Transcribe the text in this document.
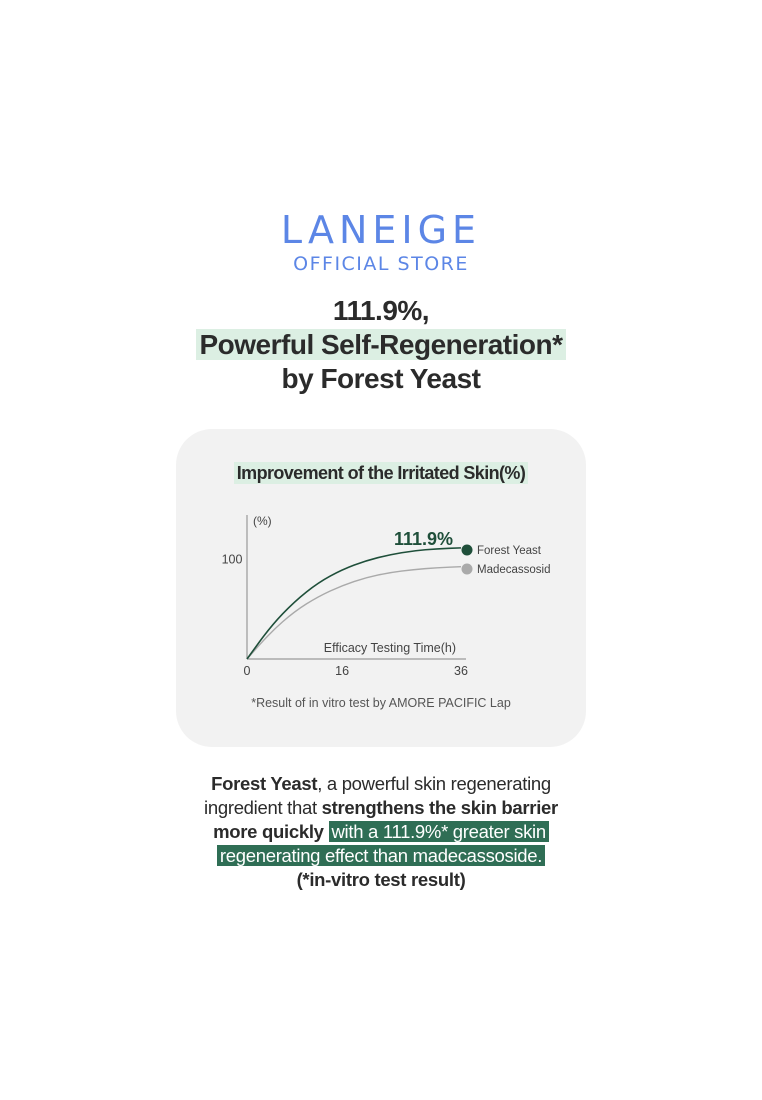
LANEIGE
OFFICIAL STORE
111.9%,
Powerful Self-Regeneration*
by Forest Yeast
Improvement of the Irritated Skin(%)
(%)
100
Efficacy Testing Time(h)
0	16	36
111.9%
Forest Yeast
Madecassosid
*Result of in vitro test by AMORE PACIFIC Lap
Forest Yeast, a powerful skin regenerating
ingredient that strengthens the skin barrier
more quickly with a 111.9%* greater skin
regenerating effect than madecassoside.
(*in-vitro test result)
